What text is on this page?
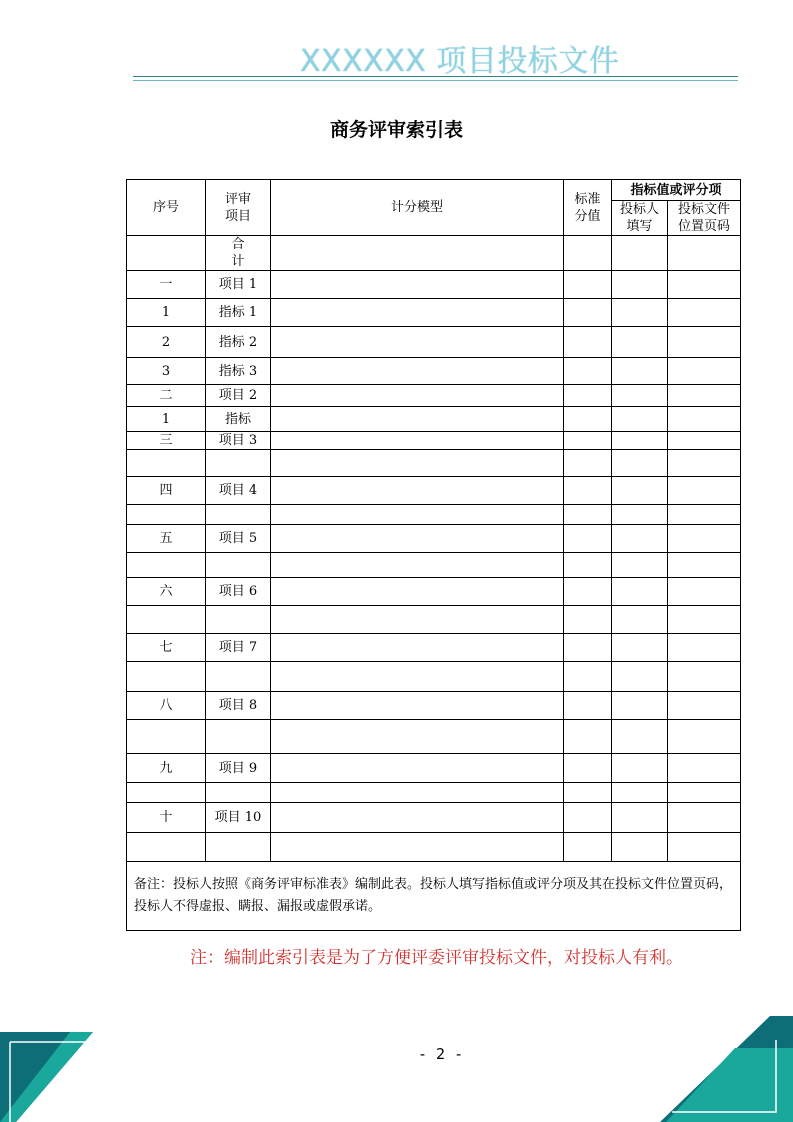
XXXXXX 项目投标文件
商务评审索引表
序号	评审项目	计分模型	标准分值	指标值或评分项	
				投标人填写	投标文件位置页码
	合 计				
一	项目 1				
1	指标 1				
2	指标 2				
3	指标 3				
二	项目 2				
1	指标				
三	项目 3				

四	项目 4				

五	项目 5				

六	项目 6				

七	项目 7				

八	项目 8				

九	项目 9				

十	项目 10				

备注：投标人按照《商务评审标准表》编制此表。投标人填写指标值或评分项及其在投标文件位置页码，投标人不得虚报、瞒报、漏报或虚假承诺。					
注：编制此索引表是为了方便评委评审投标文件，对投标人有利。
- 2 -
